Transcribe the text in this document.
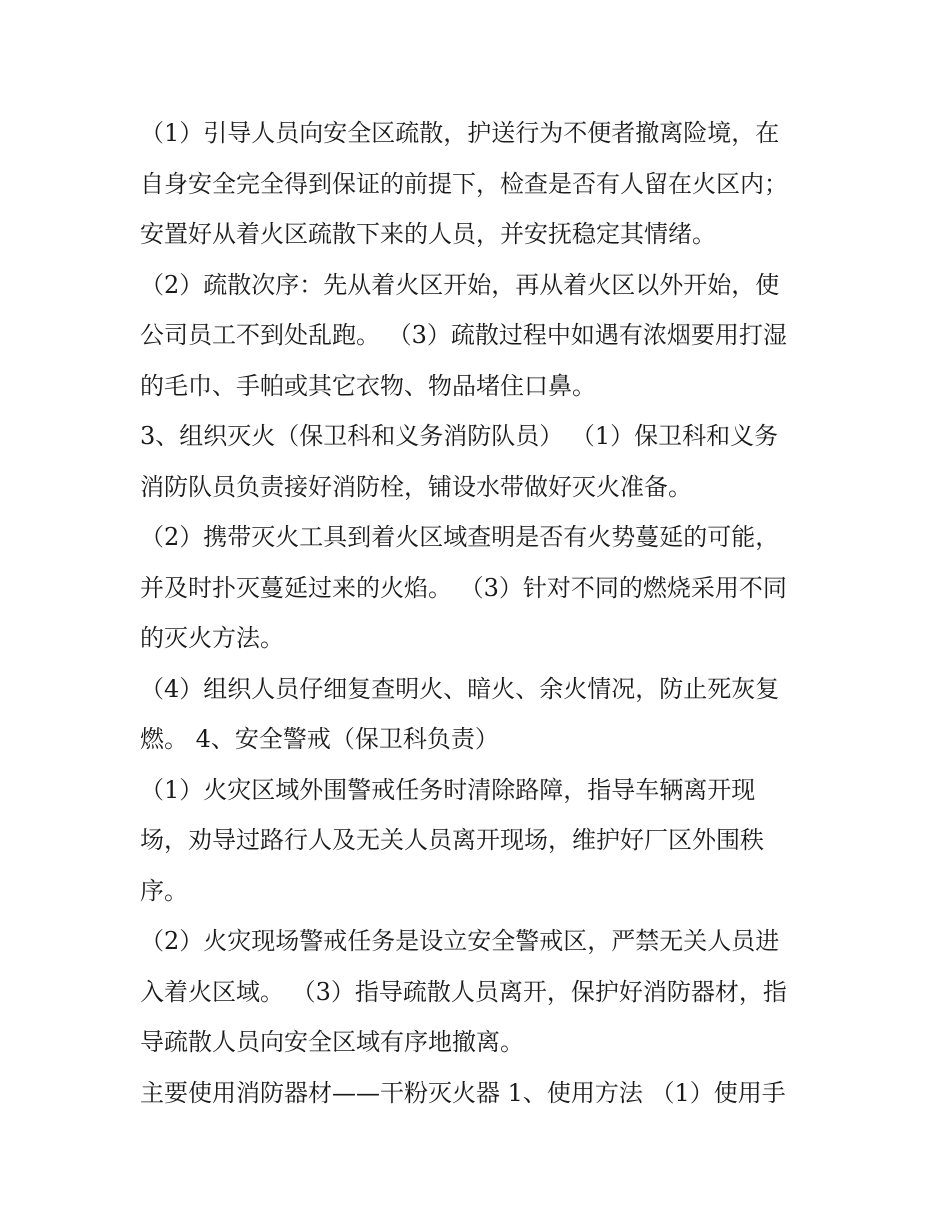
（1）引导人员向安全区疏散，护送行为不便者撤离险境，在
自身安全完全得到保证的前提下，检查是否有人留在火区内；
安置好从着火区疏散下来的人员，并安抚稳定其情绪。
（2）疏散次序：先从着火区开始，再从着火区以外开始，使
公司员工不到处乱跑。 （3）疏散过程中如遇有浓烟要用打湿
的毛巾、手帕或其它衣物、物品堵住口鼻。
3、组织灭火（保卫科和义务消防队员） （1）保卫科和义务
消防队员负责接好消防栓，铺设水带做好灭火准备。
（2）携带灭火工具到着火区域查明是否有火势蔓延的可能，
并及时扑灭蔓延过来的火焰。 （3）针对不同的燃烧采用不同
的灭火方法。
（4）组织人员仔细复查明火、暗火、余火情况，防止死灰复
燃。 4、安全警戒（保卫科负责）
（1）火灾区域外围警戒任务时清除路障，指导车辆离开现
场，劝导过路行人及无关人员离开现场，维护好厂区外围秩
序。
（2）火灾现场警戒任务是设立安全警戒区，严禁无关人员进
入着火区域。 （3）指导疏散人员离开，保护好消防器材，指
导疏散人员向安全区域有序地撤离。
主要使用消防器材——干粉灭火器 1、使用方法 （1）使用手
